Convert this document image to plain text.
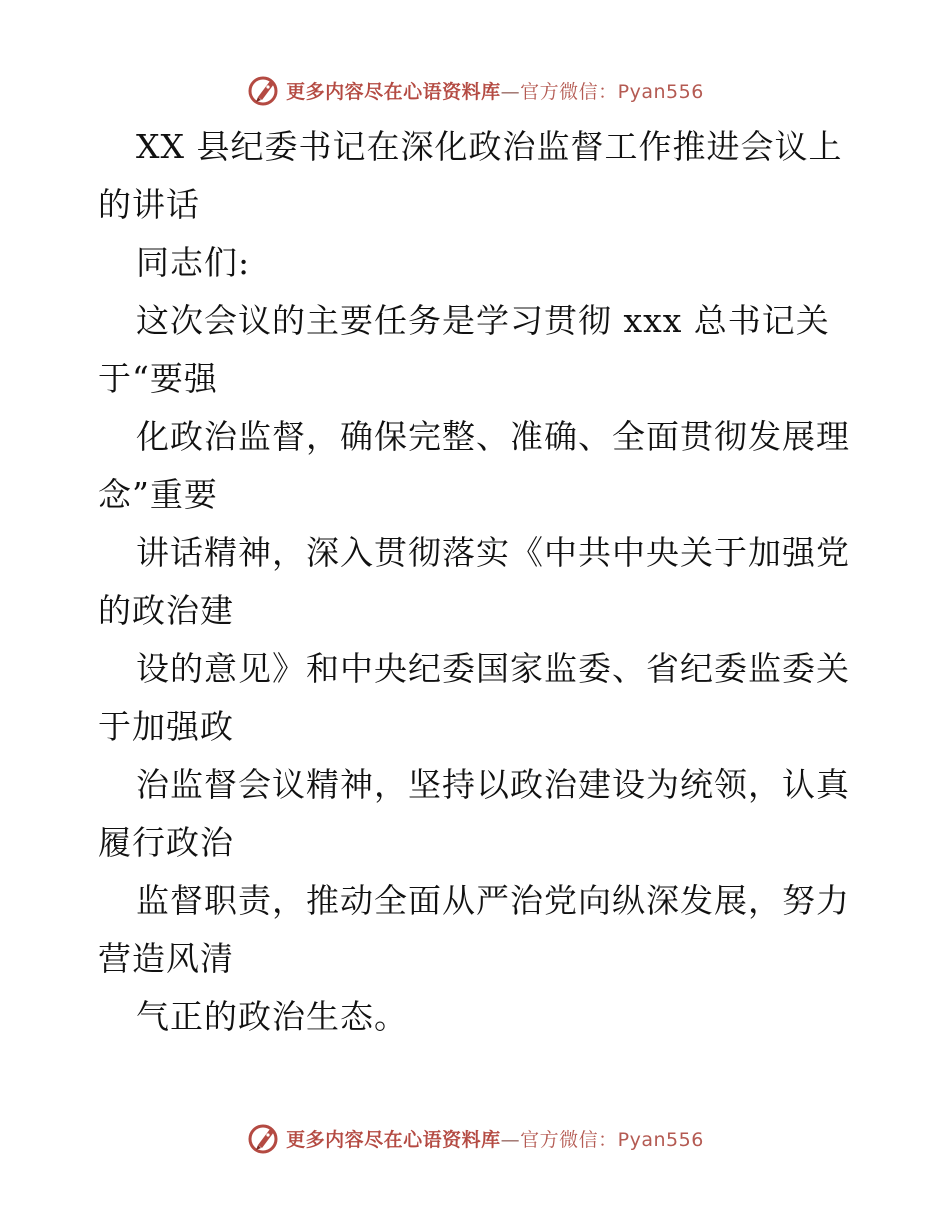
更多内容尽在心语资料库—官方微信：Pyan556
XX 县纪委书记在深化政治监督工作推进会议上
的讲话
同志们:
这次会议的主要任务是学习贯彻 xxx 总书记关
于“要强
化政治监督，确保完整、准确、全面贯彻发展理
念”重要
讲话精神，深入贯彻落实《中共中央关于加强党
的政治建
设的意见》和中央纪委国家监委、省纪委监委关
于加强政
治监督会议精神，坚持以政治建设为统领，认真
履行政治
监督职责，推动全面从严治党向纵深发展，努力
营造风清
气正的政治生态。
更多内容尽在心语资料库—官方微信：Pyan556
